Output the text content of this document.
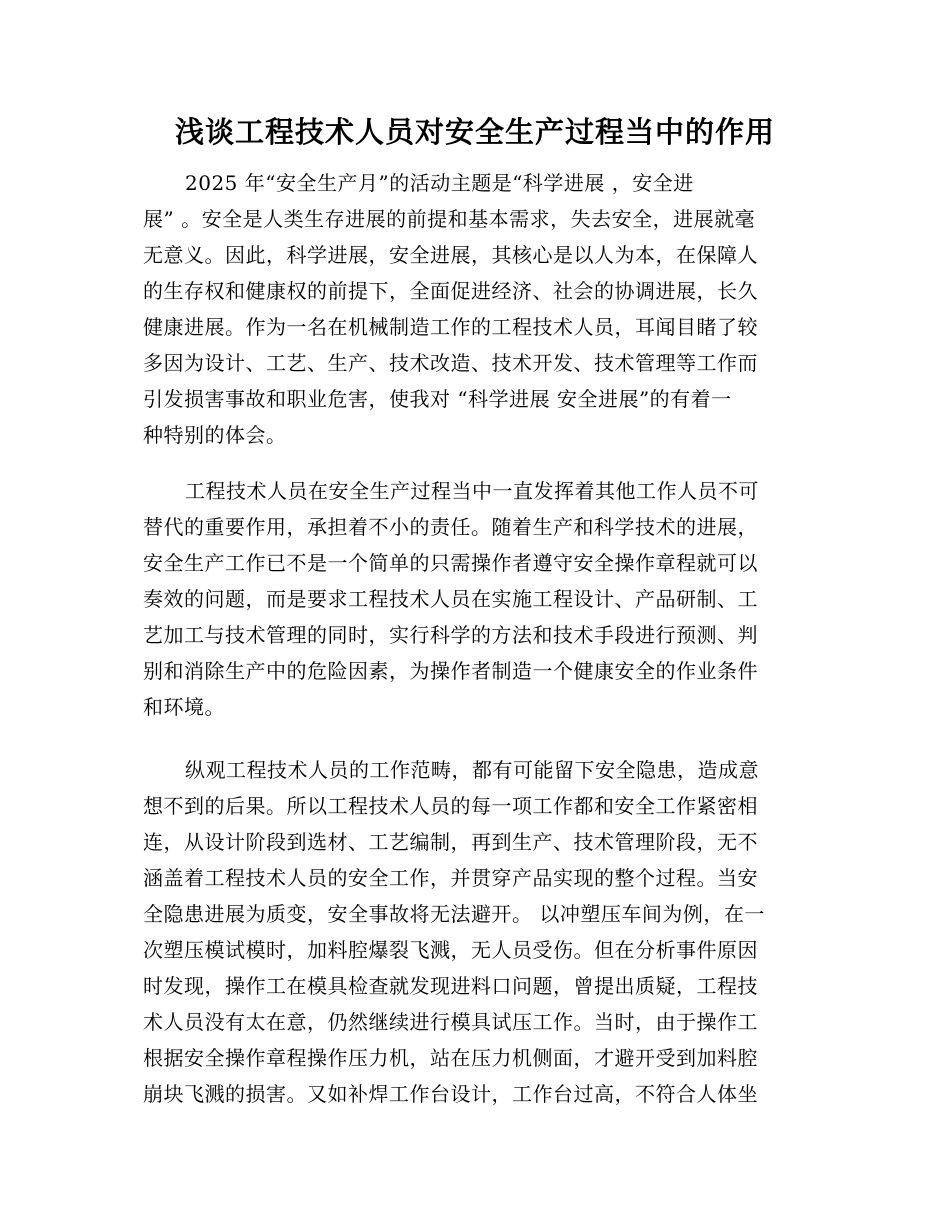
浅谈工程技术人员对安全生产过程当中的作用
2025 年“安全生产月”的活动主题是“科学进展 ，安全进
展” 。安全是人类生存进展的前提和基本需求，失去安全，进展就毫
无意义。因此，科学进展，安全进展，其核心是以人为本，在保障人
的生存权和健康权的前提下，全面促进经济、社会的协调进展，长久
健康进展。作为一名在机械制造工作的工程技术人员，耳闻目睹了较
多因为设计、工艺、生产、技术改造、技术开发、技术管理等工作而
引发损害事故和职业危害，使我对 “科学进展 安全进展”的有着一
种特别的体会。
工程技术人员在安全生产过程当中一直发挥着其他工作人员不可
替代的重要作用，承担着不小的责任。随着生产和科学技术的进展，
安全生产工作已不是一个简单的只需操作者遵守安全操作章程就可以
奏效的问题，而是要求工程技术人员在实施工程设计、产品研制、工
艺加工与技术管理的同时，实行科学的方法和技术手段进行预测、判
别和消除生产中的危险因素，为操作者制造一个健康安全的作业条件
和环境。
纵观工程技术人员的工作范畴，都有可能留下安全隐患，造成意
想不到的后果。所以工程技术人员的每一项工作都和安全工作紧密相
连，从设计阶段到选材、工艺编制，再到生产、技术管理阶段，无不
涵盖着工程技术人员的安全工作，并贯穿产品实现的整个过程。当安
全隐患进展为质变，安全事故将无法避开。 以冲塑压车间为例，在一
次塑压模试模时，加料腔爆裂飞溅，无人员受伤。但在分析事件原因
时发现，操作工在模具检查就发现进料口问题，曾提出质疑，工程技
术人员没有太在意，仍然继续进行模具试压工作。当时，由于操作工
根据安全操作章程操作压力机，站在压力机侧面，才避开受到加料腔
崩块飞溅的损害。又如补焊工作台设计，工作台过高，不符合人体坐
